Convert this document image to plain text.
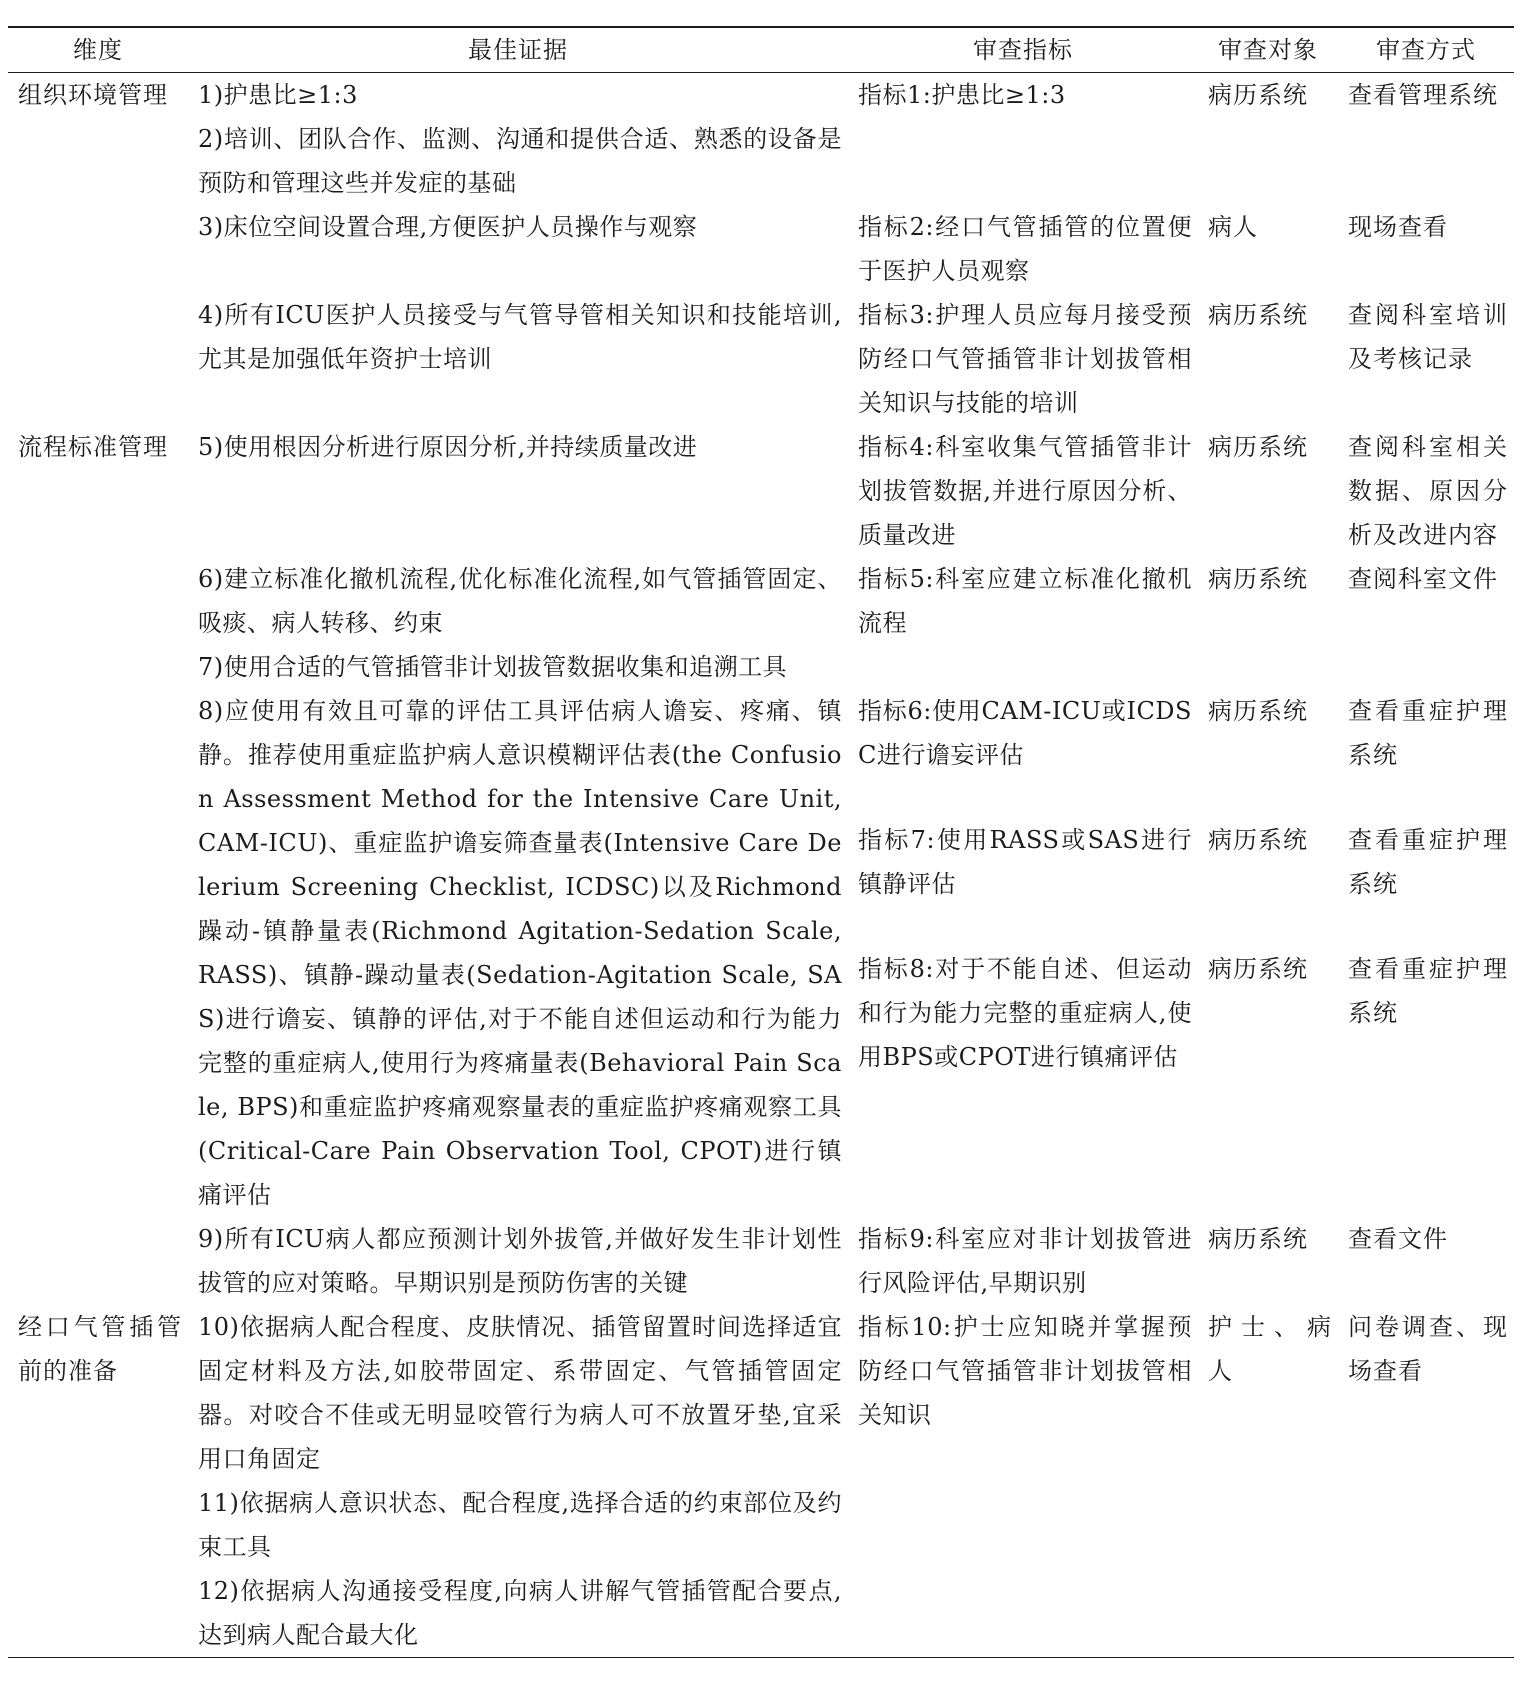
维度	最佳证据	审查指标	审查对象	审查方式
组织环境管理	1)护患比≥1:3	指标1:护患比≥1:3	病历系统	查看管理系统
	2)培训、团队合作、监测、沟通和提供合适、熟悉的设备是预防和管理这些并发症的基础			
	3)床位空间设置合理,方便医护人员操作与观察	指标2:经口气管插管的位置便于医护人员观察	病人	现场查看
	4)所有ICU医护人员接受与气管导管相关知识和技能培训,尤其是加强低年资护士培训	指标3:护理人员应每月接受预防经口气管插管非计划拔管相关知识与技能的培训	病历系统	查阅科室培训及考核记录
流程标准管理	5)使用根因分析进行原因分析,并持续质量改进	指标4:科室收集气管插管非计划拔管数据,并进行原因分析、质量改进	病历系统	查阅科室相关数据、原因分析及改进内容
	6)建立标准化撤机流程,优化标准化流程,如气管插管固定、吸痰、病人转移、约束	指标5:科室应建立标准化撤机流程	病历系统	查阅科室文件
	7)使用合适的气管插管非计划拔管数据收集和追溯工具			
	8)应使用有效且可靠的评估工具评估病人谵妄、疼痛、镇静。推荐使用重症监护病人意识模糊评估表(the Confusion Assessment Method for the Intensive Care Unit, CAM-ICU)、重症监护谵妄筛查量表(Intensive Care Delerium Screening Checklist, ICDSC)以及Richmond躁动-镇静量表(Richmond Agitation-Sedation Scale, RASS)、镇静-躁动量表(Sedation-Agitation Scale, SAS)进行谵妄、镇静的评估,对于不能自述但运动和行为能力完整的重症病人,使用行为疼痛量表(Behavioral Pain Scale, BPS)和重症监护疼痛观察量表的重症监护疼痛观察工具(Critical-Care Pain Observation Tool, CPOT)进行镇痛评估	指标6:使用CAM-ICU或ICDSC进行谵妄评估	病历系统	查看重症护理系统
		指标7:使用RASS或SAS进行镇静评估	病历系统	查看重症护理系统
		指标8:对于不能自述、但运动和行为能力完整的重症病人,使用BPS或CPOT进行镇痛评估	病历系统	查看重症护理系统
	9)所有ICU病人都应预测计划外拔管,并做好发生非计划性拔管的应对策略。早期识别是预防伤害的关键	指标9:科室应对非计划拔管进行风险评估,早期识别	病历系统	查看文件
经口气管插管前的准备	10)依据病人配合程度、皮肤情况、插管留置时间选择适宜固定材料及方法,如胶带固定、系带固定、气管插管固定器。对咬合不佳或无明显咬管行为病人可不放置牙垫,宜采用口角固定	指标10:护士应知晓并掌握预防经口气管插管非计划拔管相关知识	护士、病人	问卷调查、现场查看
	11)依据病人意识状态、配合程度,选择合适的约束部位及约束工具			
	12)依据病人沟通接受程度,向病人讲解气管插管配合要点,达到病人配合最大化			
